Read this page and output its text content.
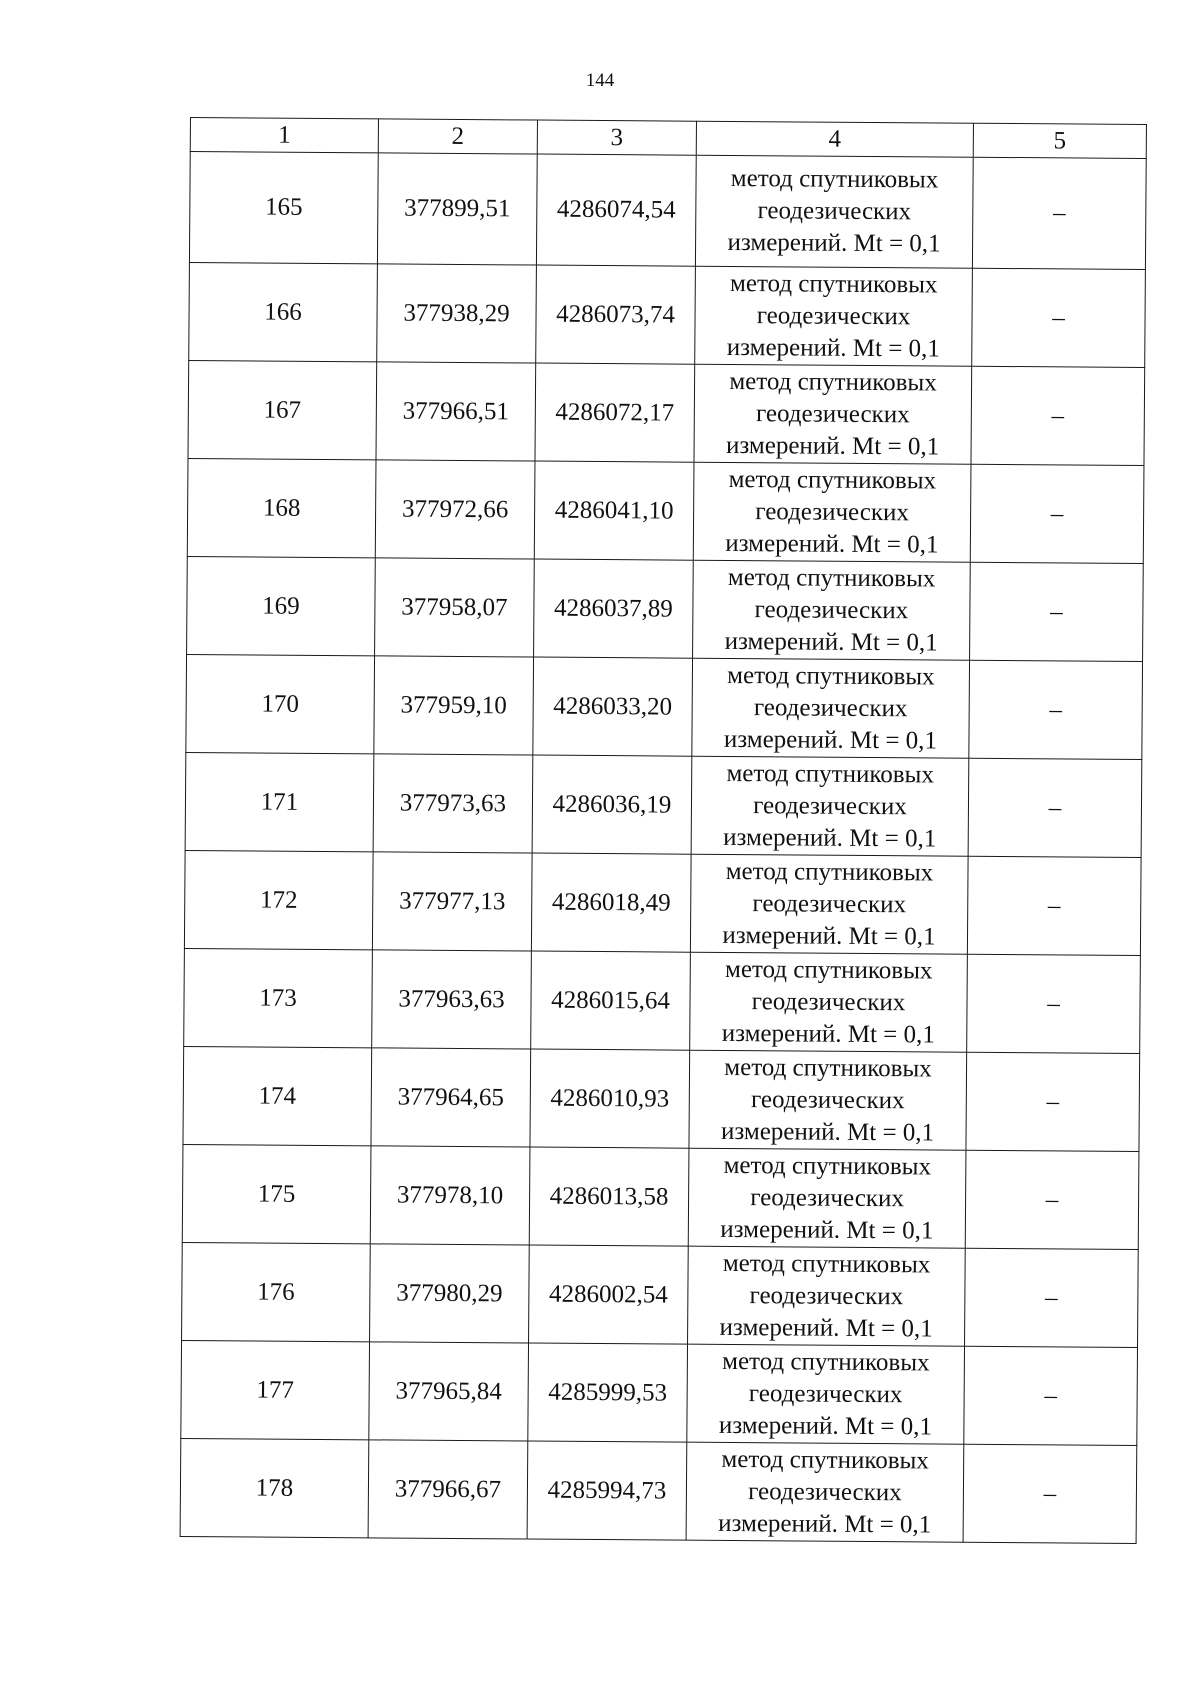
144
1	2	3	4	5
165	377899,51	4286074,54	метод спутниковых
геодезических
измерений. Mt = 0,1	–
166	377938,29	4286073,74	метод спутниковых
геодезических
измерений. Mt = 0,1	–
167	377966,51	4286072,17	метод спутниковых
геодезических
измерений. Mt = 0,1	–
168	377972,66	4286041,10	метод спутниковых
геодезических
измерений. Mt = 0,1	–
169	377958,07	4286037,89	метод спутниковых
геодезических
измерений. Mt = 0,1	–
170	377959,10	4286033,20	метод спутниковых
геодезических
измерений. Mt = 0,1	–
171	377973,63	4286036,19	метод спутниковых
геодезических
измерений. Mt = 0,1	–
172	377977,13	4286018,49	метод спутниковых
геодезических
измерений. Mt = 0,1	–
173	377963,63	4286015,64	метод спутниковых
геодезических
измерений. Mt = 0,1	–
174	377964,65	4286010,93	метод спутниковых
геодезических
измерений. Mt = 0,1	–
175	377978,10	4286013,58	метод спутниковых
геодезических
измерений. Mt = 0,1	–
176	377980,29	4286002,54	метод спутниковых
геодезических
измерений. Mt = 0,1	–
177	377965,84	4285999,53	метод спутниковых
геодезических
измерений. Mt = 0,1	–
178	377966,67	4285994,73	метод спутниковых
геодезических
измерений. Mt = 0,1	–
